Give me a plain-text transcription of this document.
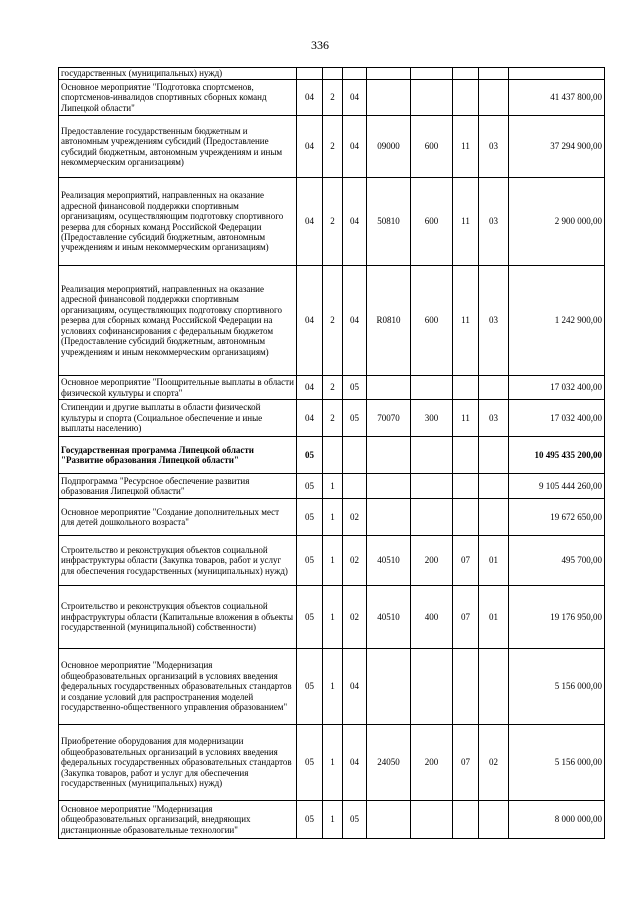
336
государственных (муниципальных) нужд)								
Основное мероприятие "Подготовка спортсменов, спортсменов-инвалидов спортивных сборных команд Липецкой области"	04	2	04					41 437 800,00
Предоставление государственным бюджетным и автономным учреждениям субсидий (Предоставление субсидий бюджетным, автономным учреждениям и иным некоммерческим организациям)	04	2	04	09000	600	11	03	37 294 900,00
Реализация мероприятий, направленных на оказание адресной финансовой поддержки спортивным организациям, осуществляющим подготовку спортивного резерва для сборных команд Российской Федерации (Предоставление субсидий бюджетным, автономным учреждениям и иным некоммерческим организациям)	04	2	04	50810	600	11	03	2 900 000,00
Реализация мероприятий, направленных на оказание адресной финансовой поддержки спортивным организациям, осуществляющих подготовку спортивного резерва для сборных команд Российской Федерации на условиях софинансирования с федеральным бюджетом (Предоставление субсидий бюджетным, автономным учреждениям и иным некоммерческим организациям)	04	2	04	R0810	600	11	03	1 242 900,00
Основное мероприятие "Поощрительные выплаты в области физической культуры и спорта"	04	2	05					17 032 400,00
Стипендии и другие выплаты в области физической культуры и спорта (Социальное обеспечение и иные выплаты населению)	04	2	05	70070	300	11	03	17 032 400,00
Государственная программа Липецкой области "Развитие образования Липецкой области"	05							10 495 435 200,00
Подпрограмма "Ресурсное обеспечение развития образования Липецкой области"	05	1						9 105 444 260,00
Основное мероприятие "Создание дополнительных мест для детей дошкольного возраста"	05	1	02					19 672 650,00
Строительство и реконструкция объектов социальной инфраструктуры области (Закупка товаров, работ и услуг для обеспечения государственных (муниципальных) нужд)	05	1	02	40510	200	07	01	495 700,00
Строительство и реконструкция объектов социальной инфраструктуры области (Капитальные вложения в объекты государственной (муниципальной) собственности)	05	1	02	40510	400	07	01	19 176 950,00
Основное мероприятие "Модернизация общеобразовательных организаций в условиях введения федеральных государственных образовательных стандартов и создание условий для распространения моделей государственно-общественного управления образованием"	05	1	04					5 156 000,00
Приобретение оборудования для модернизации общеобразовательных организаций в условиях введения федеральных государственных образовательных стандартов (Закупка товаров, работ и услуг для обеспечения государственных (муниципальных) нужд)	05	1	04	24050	200	07	02	5 156 000,00
Основное мероприятие "Модернизация общеобразовательных организаций, внедряющих дистанционные образовательные технологии"	05	1	05					8 000 000,00
